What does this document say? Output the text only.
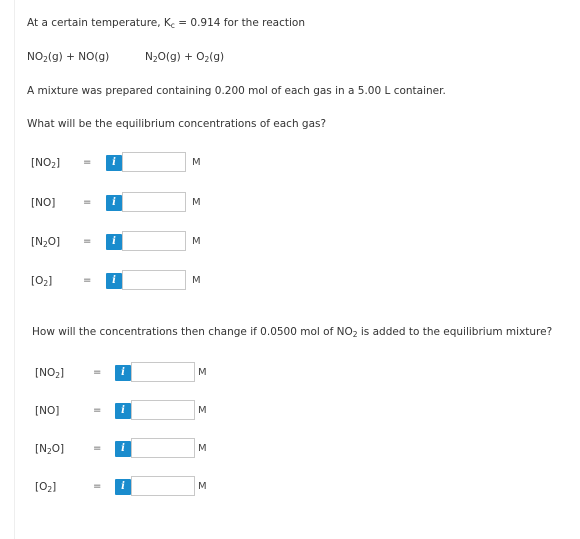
At a certain temperature, $K_c = 0.914$ for the reaction
$NO_2(g) + NO(g)$	$N_2O(g) + O_2(g)$
A mixture was prepared containing 0.200 mol of each gas in a 5.00 L container.
What will be the equilibrium concentrations of each gas?
$[NO_2]$ =	i	M
[NO]	=	i	M
$[N_2O]$ =	i	M
$[O_2]$	=	i	M
How will the concentrations then change if 0.0500 mol of $NO_2$ is added to the equilibrium mixture?
$[NO_2]$	=	i	M
[NO]	=	i	M
$[N_2O]$	=	i	M
$[O_2]$	=	i	M
